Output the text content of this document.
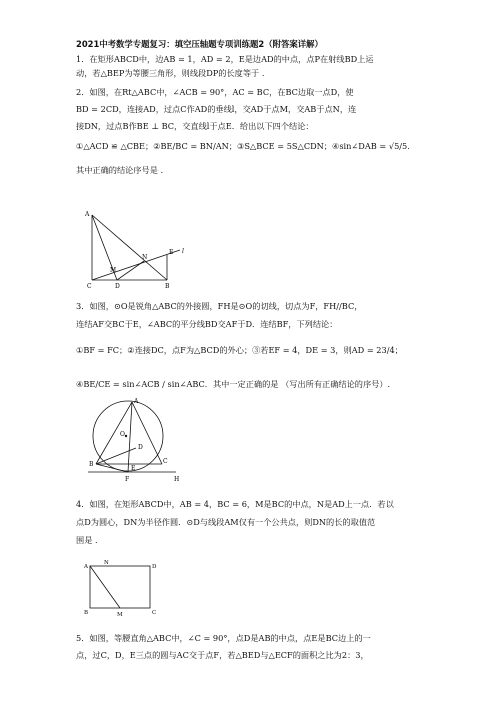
2021中考数学专题复习：填空压轴题专项训练题2（附答案详解）
1．在矩形ABCD中，边AB = 1，AD = 2，E是边AD的中点，点P在射线BD上运
动，若△BEP为等腰三角形，则线段DP的长度等于 .
2．如图，在Rt△ABC中，∠ACB = 90°，AC = BC，在BC边取一点D，使
BD = 2CD，连接AD，过点C作AD的垂线l，交AD于点M，交AB于点N，连
接DN，过点B作BE ⊥ BC，交直线l于点E．给出以下四个结论：
①△ACD ≌ △CBE；②BE/BC = BN/AN；③S△BCE = 5S△CDN；④sin∠DAB = √5/5．
其中正确的结论序号是 .
A
C	D	B
E
N
M
l
3．如图，⊙O是锐角△ABC的外接圆，FH是⊙O的切线，切点为F，FH//BC，
连结AF交BC于E，∠ABC的平分线BD交AF于D．连结BF，下列结论：
①BF = FC；②连接DC，点F为△BCD的外心；③若EF = 4，DE = 3，则AD = 23/4；
④BE/CE = sin∠ACB / sin∠ABC．其中一定正确的是 （写出所有正确结论的序号）.
A
O
D
B
E
C
F	H
4．如图，在矩形ABCD中，AB = 4，BC = 6，M是BC的中点，N是AD上一点．若以
点D为圆心，DN为半径作圆．⊙D与线段AM仅有一个公共点，则DN的长的取值范
围是 .
A
N
D
B	M	C
5．如图，等腰直角△ABC中，∠C = 90°，点D是AB的中点，点E是BC边上的一
点，过C，D，E三点的圆与AC交于点F，若△BED与△ECF的面积之比为2：3，
